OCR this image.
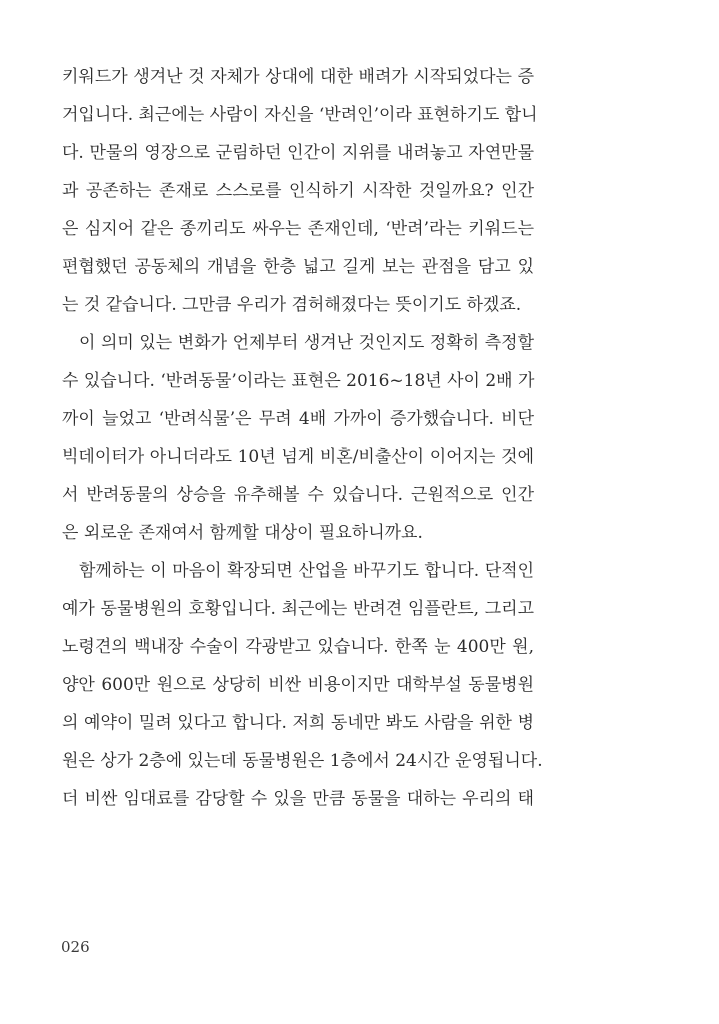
키워드가 생겨난 것 자체가 상대에 대한 배려가 시작되었다는 증
거입니다. 최근에는 사람이 자신을 ‘반려인’이라 표현하기도 합니
다. 만물의 영장으로 군림하던 인간이 지위를 내려놓고 자연만물
과 공존하는 존재로 스스로를 인식하기 시작한 것일까요? 인간
은 심지어 같은 종끼리도 싸우는 존재인데, ‘반려’라는 키워드는
편협했던 공동체의 개념을 한층 넓고 길게 보는 관점을 담고 있
는 것 같습니다. 그만큼 우리가 겸허해졌다는 뜻이기도 하겠죠.
이 의미 있는 변화가 언제부터 생겨난 것인지도 정확히 측정할
수 있습니다. ‘반려동물’이라는 표현은 2016~18년 사이 2배 가
까이 늘었고 ‘반려식물’은 무려 4배 가까이 증가했습니다. 비단
빅데이터가 아니더라도 10년 넘게 비혼/비출산이 이어지는 것에
서 반려동물의 상승을 유추해볼 수 있습니다. 근원적으로 인간
은 외로운 존재여서 함께할 대상이 필요하니까요.
함께하는 이 마음이 확장되면 산업을 바꾸기도 합니다. 단적인
예가 동물병원의 호황입니다. 최근에는 반려견 임플란트, 그리고
노령견의 백내장 수술이 각광받고 있습니다. 한쪽 눈 400만 원,
양안 600만 원으로 상당히 비싼 비용이지만 대학부설 동물병원
의 예약이 밀려 있다고 합니다. 저희 동네만 봐도 사람을 위한 병
원은 상가 2층에 있는데 동물병원은 1층에서 24시간 운영됩니다.
더 비싼 임대료를 감당할 수 있을 만큼 동물을 대하는 우리의 태
026
